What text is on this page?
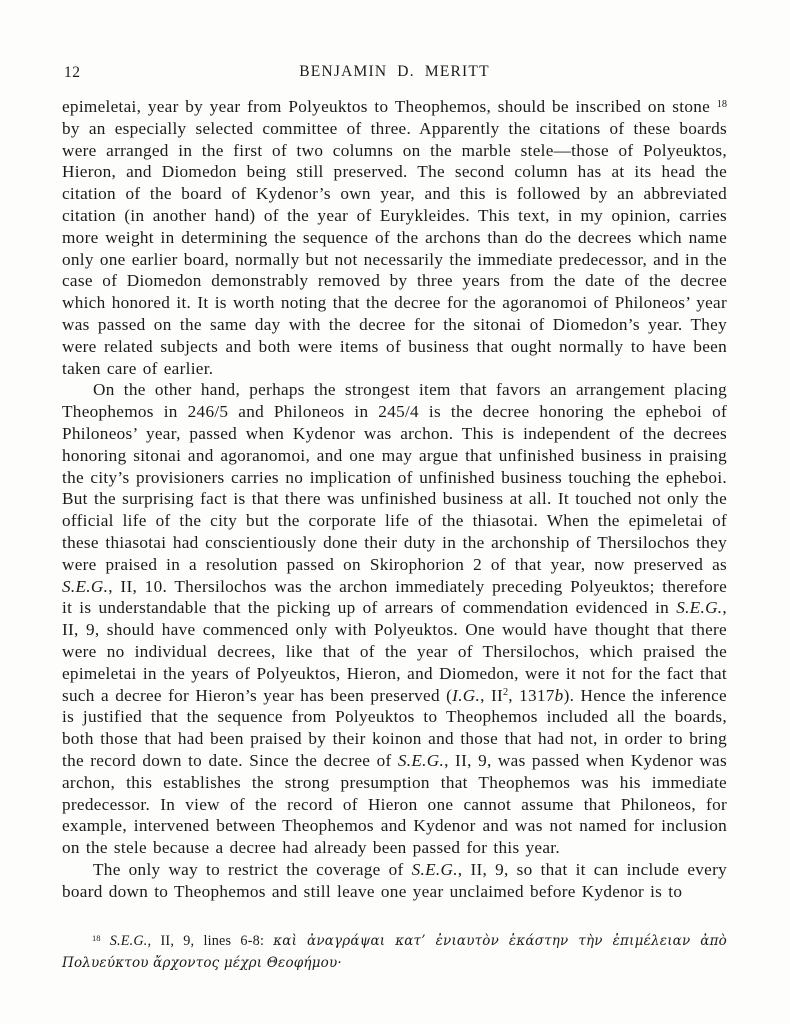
12	BENJAMIN D. MERITT

epimeletai, year by year from Polyeuktos to Theophemos, should be inscribed on stone $^{18}$ by an especially selected committee of three. Apparently the citations of these boards were arranged in the first of two columns on the marble stele—those of Polyeuktos, Hieron, and Diomedon being still preserved. The second column has at its head the citation of the board of Kydenor’s own year, and this is followed by an abbreviated citation (in another hand) of the year of Eurykleides. This text, in my opinion, carries more weight in determining the sequence of the archons than do the decrees which name only one earlier board, normally but not necessarily the immediate predecessor, and in the case of Diomedon demonstrably removed by three years from the date of the decree which honored it. It is worth noting that the decree for the agoranomoi of Philoneos’ year was passed on the same day with the decree for the sitonai of Diomedon’s year. They were related subjects and both were items of business that ought normally to have been taken care of earlier.

On the other hand, perhaps the strongest item that favors an arrangement placing Theophemos in 246/5 and Philoneos in 245/4 is the decree honoring the epheboi of Philoneos’ year, passed when Kydenor was archon. This is independent of the decrees honoring sitonai and agoranomoi, and one may argue that unfinished business in praising the city’s provisioners carries no implication of unfinished business touching the epheboi. But the surprising fact is that there was unfinished business at all. It touched not only the official life of the city but the corporate life of the thiasotai. When the epimeletai of these thiasotai had conscientiously done their duty in the archonship of Thersilochos they were praised in a resolution passed on Skirophorion 2 of that year, now preserved as S.E.G., II, 10. Thersilochos was the archon immediately preceding Polyeuktos; therefore it is understandable that the picking up of arrears of commendation evidenced in S.E.G., II, 9, should have commenced only with Polyeuktos. One would have thought that there were no individual decrees, like that of the year of Thersilochos, which praised the epimeletai in the years of Polyeuktos, Hieron, and Diomedon, were it not for the fact that such a decree for Hieron’s year has been preserved (I.G., $II^2$, 1317b). Hence the inference is justified that the sequence from Polyeuktos to Theophemos included all the boards, both those that had been praised by their koinon and those that had not, in order to bring the record down to date. Since the decree of S.E.G., II, 9, was passed when Kydenor was archon, this establishes the strong presumption that Theophemos was his immediate predecessor. In view of the record of Hieron one cannot assume that Philoneos, for example, intervened between Theophemos and Kydenor and was not named for inclusion on the stele because a decree had already been passed for this year.

The only way to restrict the coverage of S.E.G., II, 9, so that it can include every board down to Theophemos and still leave one year unclaimed before Kydenor is to

$^{18}$ S.E.G., II, 9, lines 6-8: καὶ ἀναγράψαι κατ’ ἐνιαυτὸν ἑκάστην τὴν ἐπιμέλειαν ἀπὸ Πολυεύκτου ἄρχοντος μέχρι Θεοφήμου·
